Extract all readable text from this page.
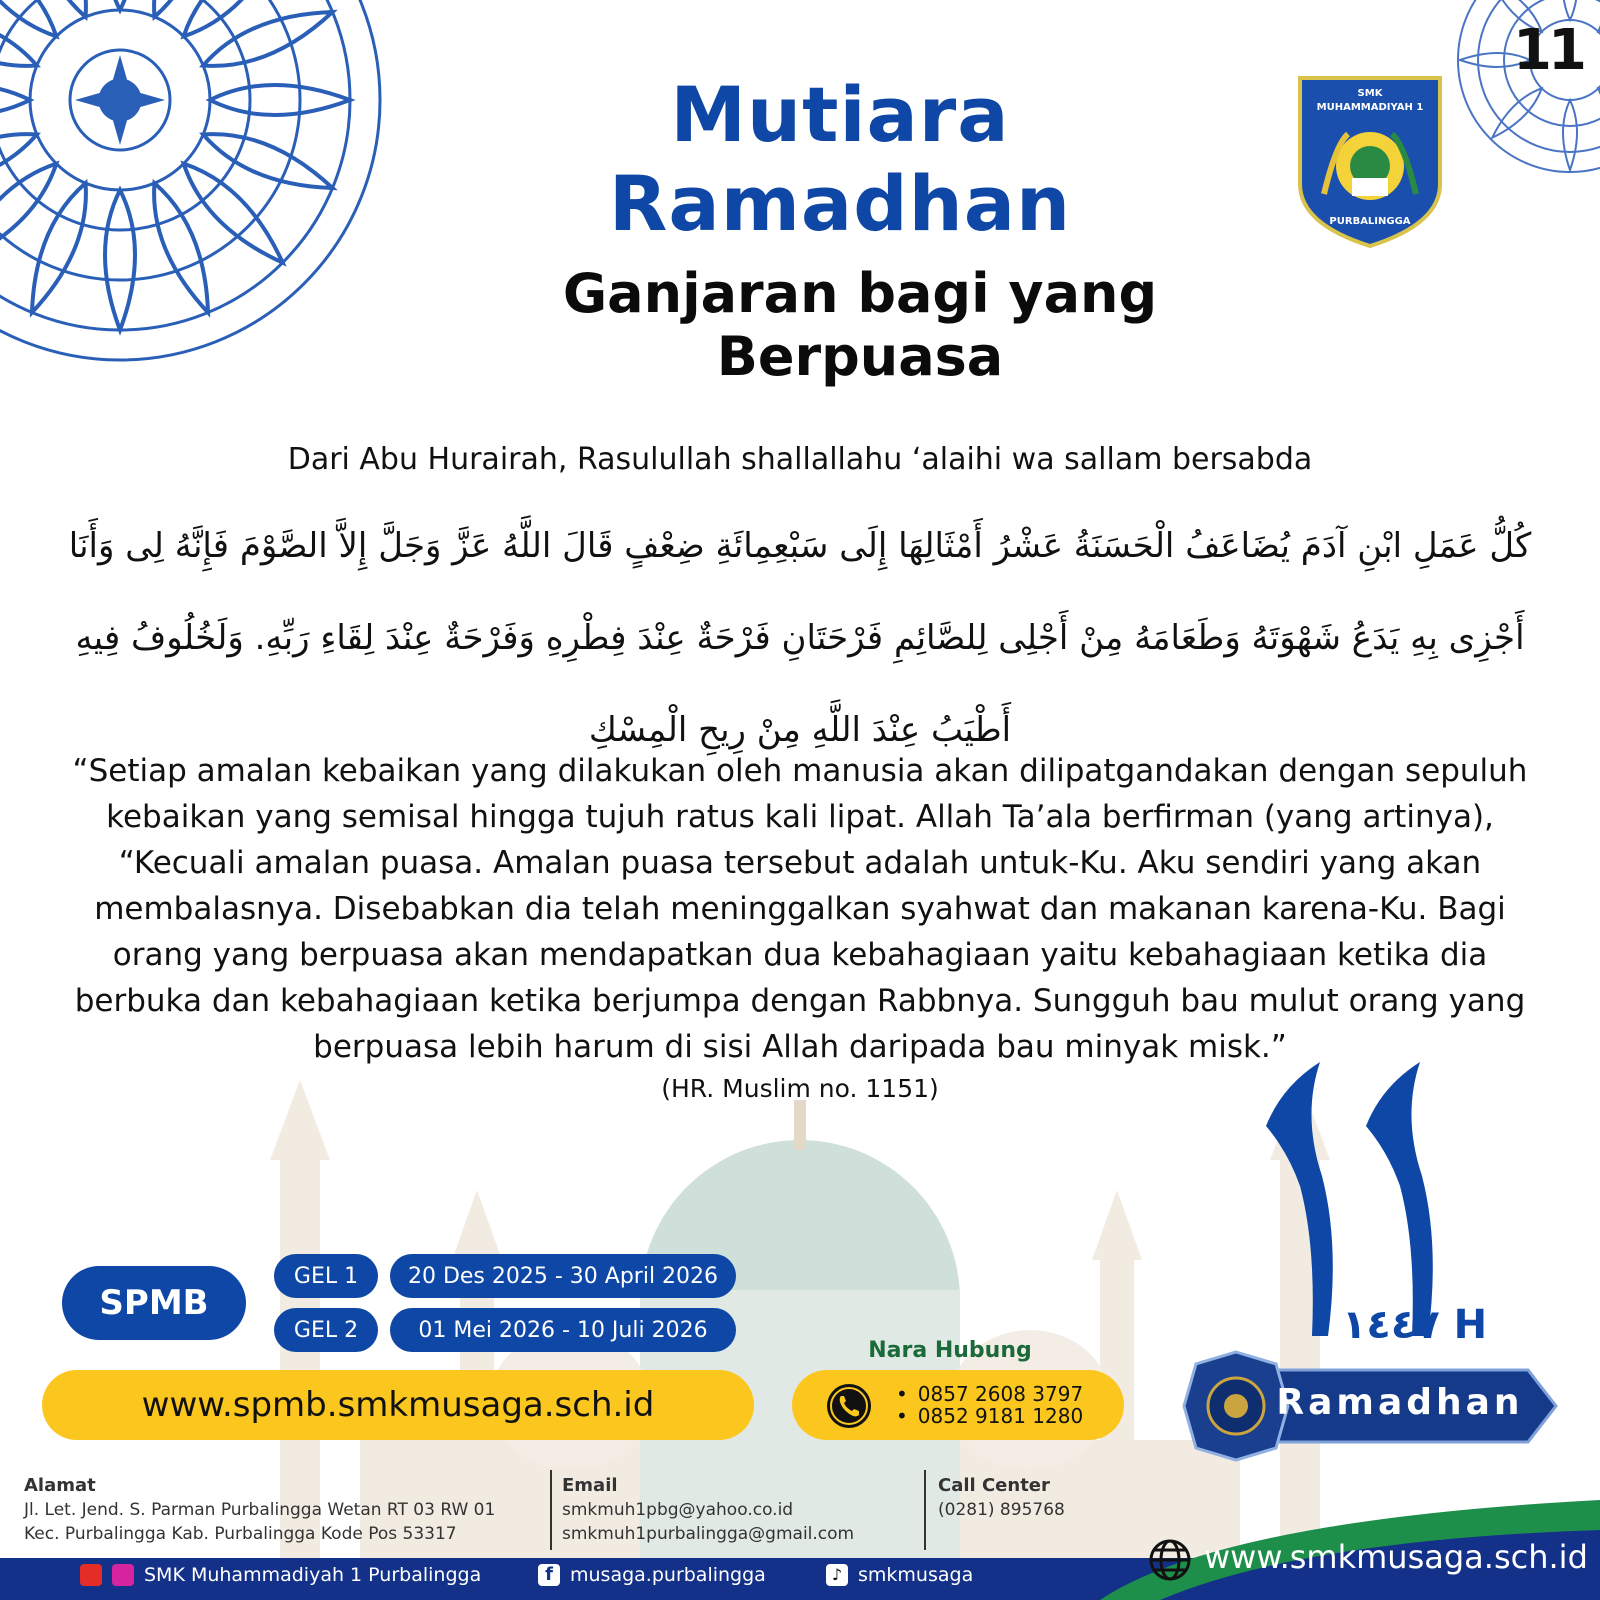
11
Mutiara Ramadhan
SMK
MUHAMMADIYAH 1
PURBALINGGA
Ganjaran bagi yang Berpuasa
Dari Abu Hurairah, Rasulullah shallallahu ‘alaihi wa sallam bersabda
كُلُّ عَمَلِ ابْنِ آدَمَ يُضَاعَفُ الْحَسَنَةُ عَشْرُ أَمْثَالِهَا إِلَى سَبْعِمِائَةِ ضِعْفٍ قَالَ اللَّهُ عَزَّ وَجَلَّ إِلاَّ الصَّوْمَ فَإِنَّهُ لِى وَأَنَا أَجْزِى بِهِ يَدَعُ شَهْوَتَهُ وَطَعَامَهُ مِنْ أَجْلِى لِلصَّائِمِ فَرْحَتَانِ فَرْحَةٌ عِنْدَ فِطْرِهِ وَفَرْحَةٌ عِنْدَ لِقَاءِ رَبِّهِ. وَلَخُلُوفُ فِيهِ أَطْيَبُ عِنْدَ اللَّهِ مِنْ رِيحِ الْمِسْكِ
“Setiap amalan kebaikan yang dilakukan oleh manusia akan dilipatgandakan dengan sepuluh kebaikan yang semisal hingga tujuh ratus kali lipat. Allah Ta’ala berfirman (yang artinya), “Kecuali amalan puasa. Amalan puasa tersebut adalah untuk-Ku. Aku sendiri yang akan membalasnya. Disebabkan dia telah meninggalkan syahwat dan makanan karena-Ku. Bagi orang yang berpuasa akan mendapatkan dua kebahagiaan yaitu kebahagiaan ketika dia berbuka dan kebahagiaan ketika berjumpa dengan Rabbnya. Sungguh bau mulut orang yang berpuasa lebih harum di sisi Allah daripada bau minyak misk.”
(HR. Muslim no. 1151)
SPMB
GEL 1	20 Des 2025 - 30 April 2026
GEL 2	01 Mei 2026 - 10 Juli 2026
www.spmb.smkmusaga.sch.id
Nara Hubung
• 0857 2608 3797
• 0852 9181 1280
١٤٤٧ H
Ramadhan
Alamat
Jl. Let. Jend. S. Parman Purbalingga Wetan RT 03 RW 01
Kec. Purbalingga Kab. Purbalingga Kode Pos 53317
Email
smkmuh1pbg@yahoo.co.id
smkmuh1purbalingga@gmail.com
Call Center
(0281) 895768
SMK Muhammadiyah 1 Purbalingga	f musaga.purbalingga	♪ smkmusaga	www.smkmusaga.sch.id
